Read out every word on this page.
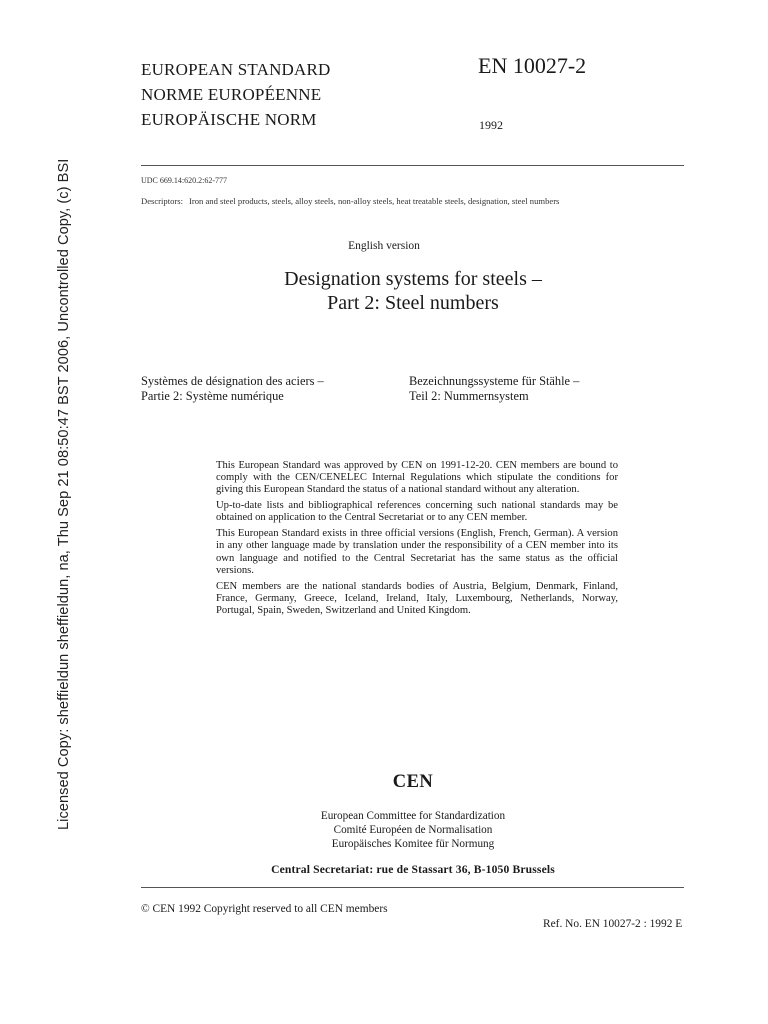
Licensed Copy: sheffieldun sheffieldun, na, Thu Sep 21 08:50:47 BST 2006, Uncontrolled Copy, (c) BSI
EUROPEAN STANDARD
NORME EUROPÉENNE
EUROPÄISCHE NORM
EN 10027-2
1992
UDC 669.14:620.2:62-777
Descriptors: Iron and steel products, steels, alloy steels, non-alloy steels, heat treatable steels, designation, steel numbers
English version
Designation systems for steels –
Part 2: Steel numbers
Systèmes de désignation des aciers –
Partie 2: Système numérique
Bezeichnungssysteme für Stähle –
Teil 2: Nummernsystem

This European Standard was approved by CEN on 1991-12-20. CEN members are bound to comply with the CEN/CENELEC Internal Regulations which stipulate the conditions for giving this European Standard the status of a national standard without any alteration.

Up-to-date lists and bibliographical references concerning such national standards may be obtained on application to the Central Secretariat or to any CEN member.

This European Standard exists in three official versions (English, French, German). A version in any other language made by translation under the responsibility of a CEN member into its own language and notified to the Central Secretariat has the same status as the official versions.

CEN members are the national standards bodies of Austria, Belgium, Denmark, Finland, France, Germany, Greece, Iceland, Ireland, Italy, Luxembourg, Netherlands, Norway, Portugal, Spain, Sweden, Switzerland and United Kingdom.

CEN
European Committee for Standardization
Comité Européen de Normalisation
Europäisches Komitee für Normung
Central Secretariat: rue de Stassart 36, B-1050 Brussels
© CEN 1992 Copyright reserved to all CEN members
Ref. No. EN 10027-2 : 1992 E
